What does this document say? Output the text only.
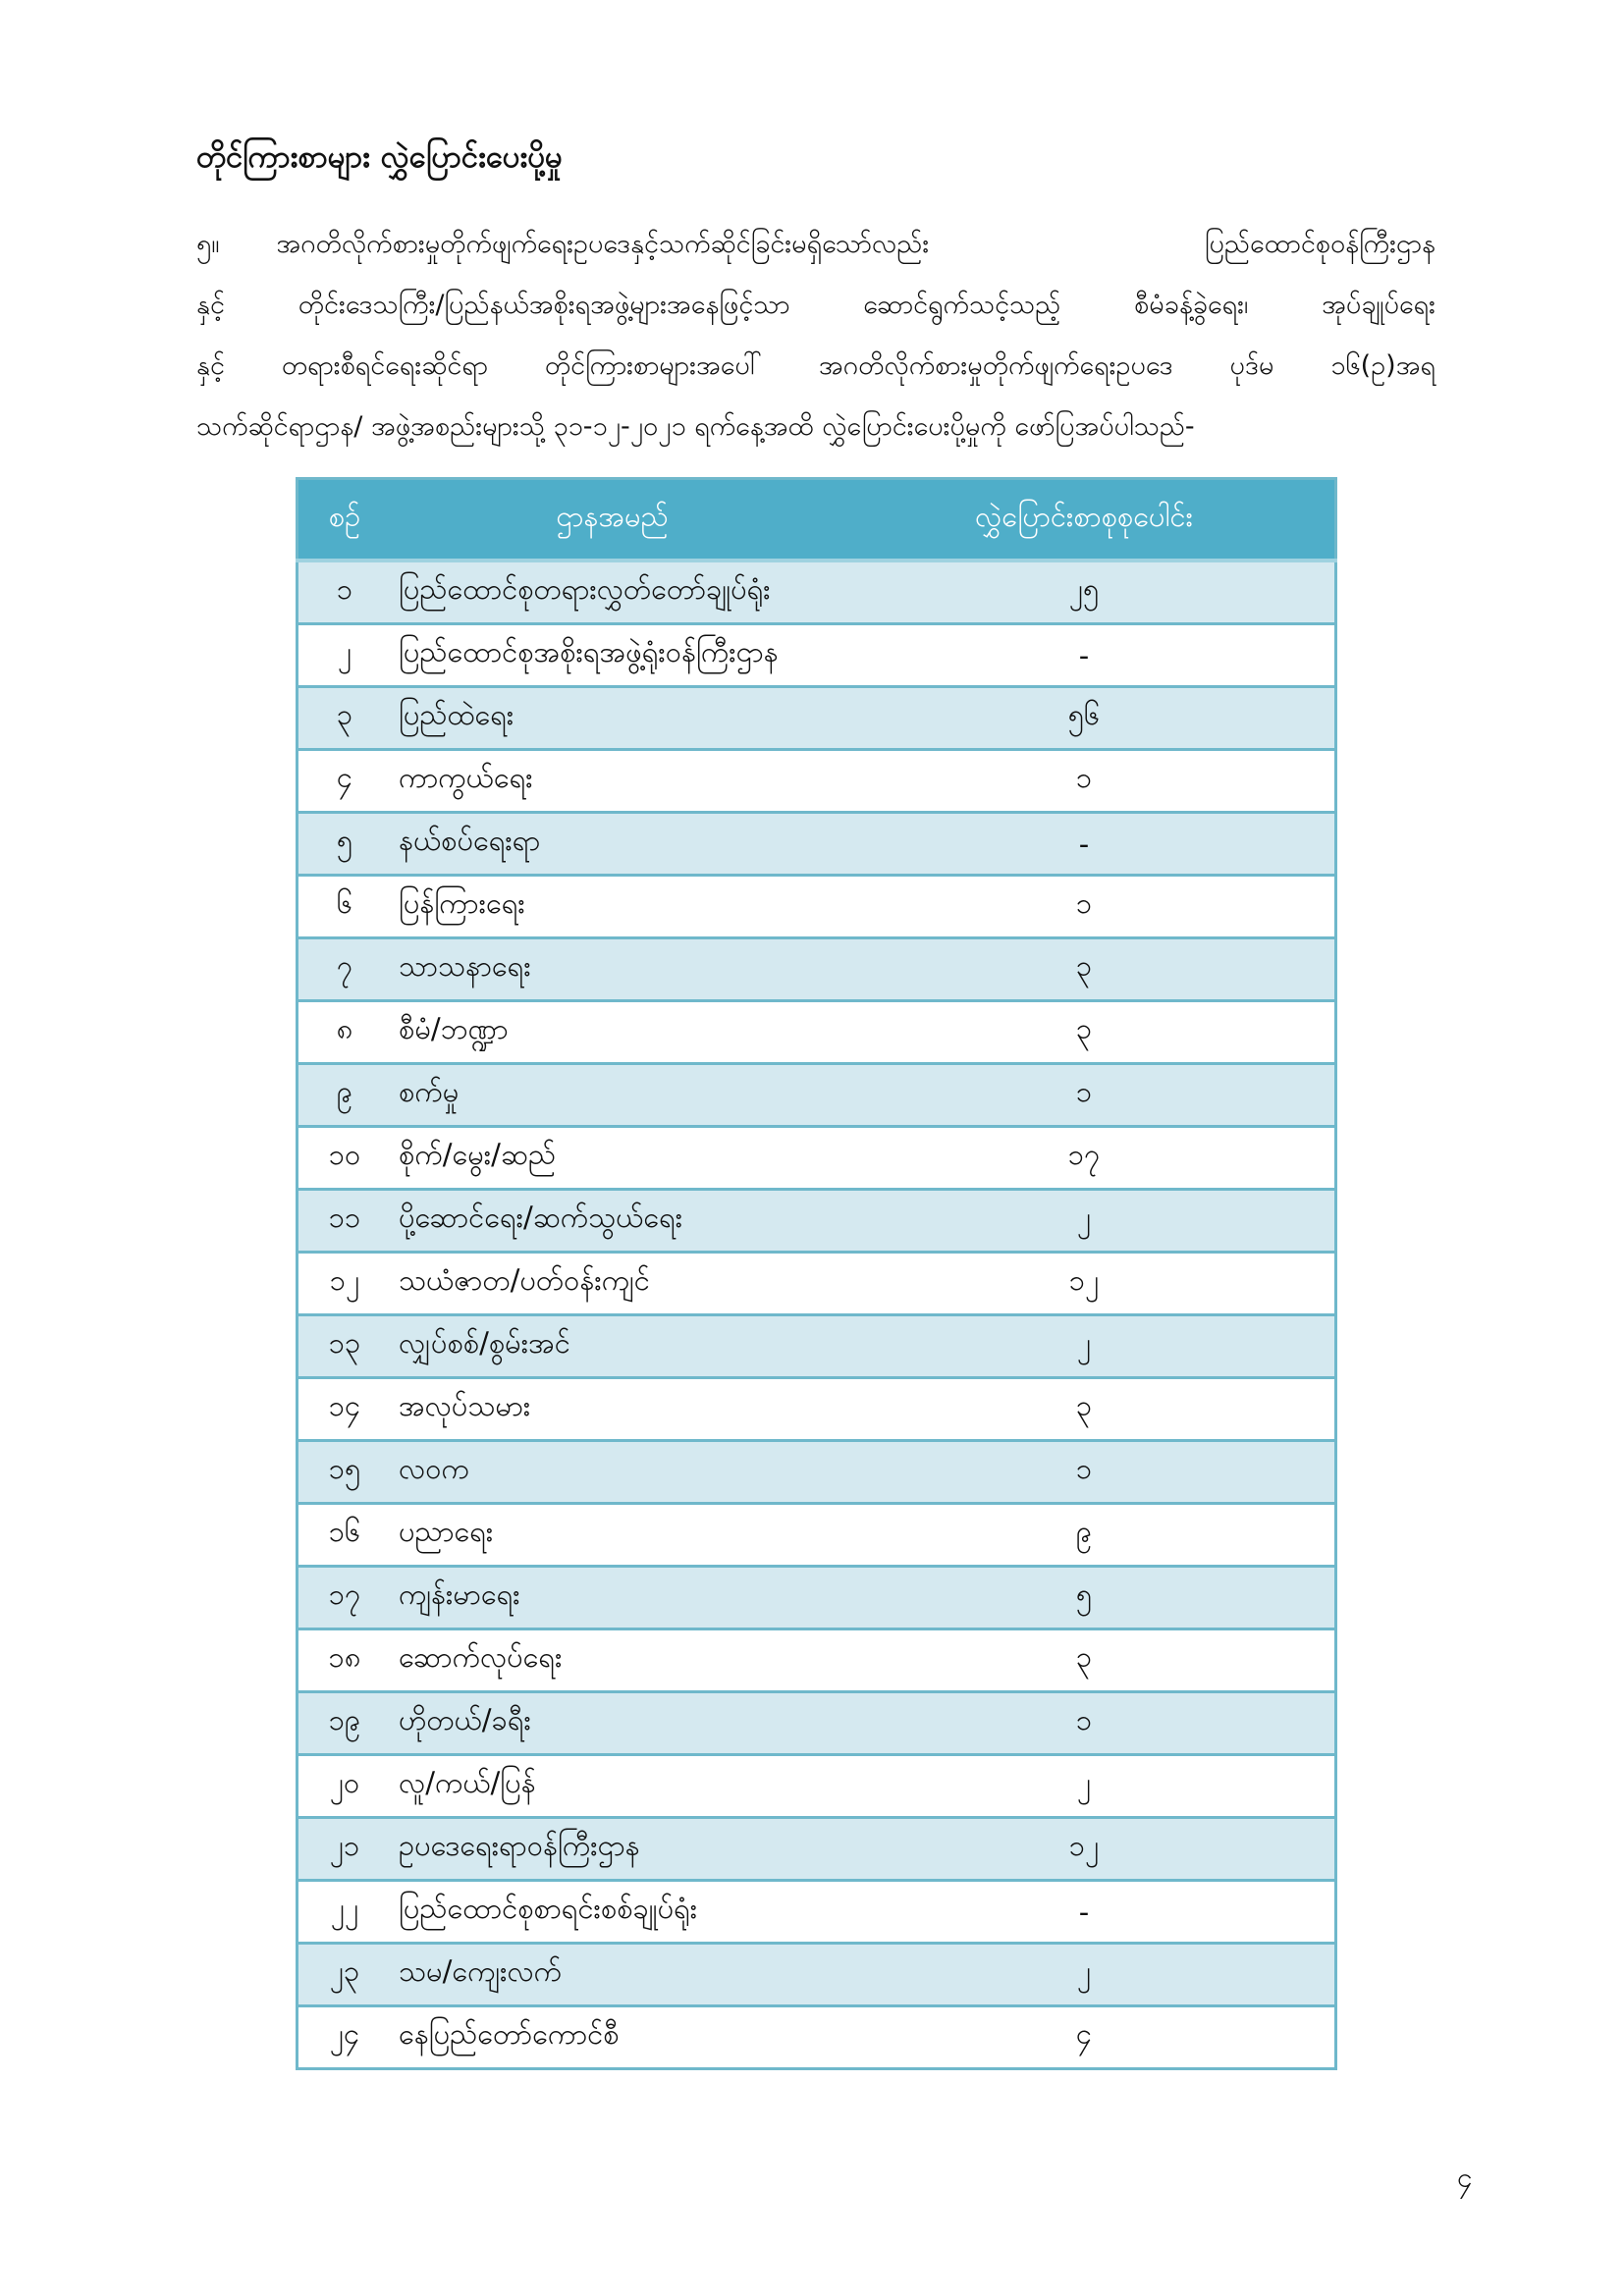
တိုင်ကြားစာများ လွှဲပြောင်းပေးပို့မှု
၅။ အဂတိလိုက်စားမှုတိုက်ဖျက်ရေးဥပဒေနှင့်သက်ဆိုင်ခြင်းမရှိသော်လည်း	ပြည်ထောင်စုဝန်ကြီးဌာန
နှင့်	တိုင်းဒေသကြီး/ပြည်နယ်အစိုးရအဖွဲ့များအနေဖြင့်သာ	ဆောင်ရွက်သင့်သည့်	စီမံခန့်ခွဲရေး၊	အုပ်ချုပ်ရေး
နှင့် တရားစီရင်ရေးဆိုင်ရာ တိုင်ကြားစာများအပေါ် အဂတိလိုက်စားမှုတိုက်ဖျက်ရေးဥပဒေ ပုဒ်မ ၁၆(ဥ)အရ
သက်ဆိုင်ရာဌာန/ အဖွဲ့အစည်းများသို့ ၃၁-၁၂-၂၀၂၁ ရက်နေ့အထိ လွှဲပြောင်းပေးပို့မှုကို ဖော်ပြအပ်ပါသည်-
စဉ်	ဌာနအမည်	လွှဲပြောင်းစာစုစုပေါင်း
၁	ပြည်ထောင်စုတရားလွှတ်တော်ချုပ်ရုံး	၂၅
၂	ပြည်ထောင်စုအစိုးရအဖွဲ့ရုံးဝန်ကြီးဌာန	-
၃	ပြည်ထဲရေး	၅၆
၄	ကာကွယ်ရေး	၁
၅	နယ်စပ်ရေးရာ	-
၆	ပြန်ကြားရေး	၁
၇	သာသနာရေး	၃
၈	စီမံ/ဘဏ္ဍာ	၃
၉	စက်မှု	၁
၁၀	စိုက်/မွေး/ဆည်	၁၇
၁၁	ပို့ဆောင်ရေး/ဆက်သွယ်ရေး	၂
၁၂	သယံဇာတ/ပတ်ဝန်းကျင်	၁၂
၁၃	လျှပ်စစ်/စွမ်းအင်	၂
၁၄	အလုပ်သမား	၃
၁၅	လဝက	၁
၁၆	ပညာရေး	၉
၁၇	ကျန်းမာရေး	၅
၁၈	ဆောက်လုပ်ရေး	၃
၁၉	ဟိုတယ်/ခရီး	၁
၂၀	လူ/ကယ်/ပြန်	၂
၂၁	ဥပဒေရေးရာဝန်ကြီးဌာန	၁၂
၂၂	ပြည်ထောင်စုစာရင်းစစ်ချုပ်ရုံး	-
၂၃	သမ/ကျေးလက်	၂
၂၄	နေပြည်တော်ကောင်စီ	၄
၄
